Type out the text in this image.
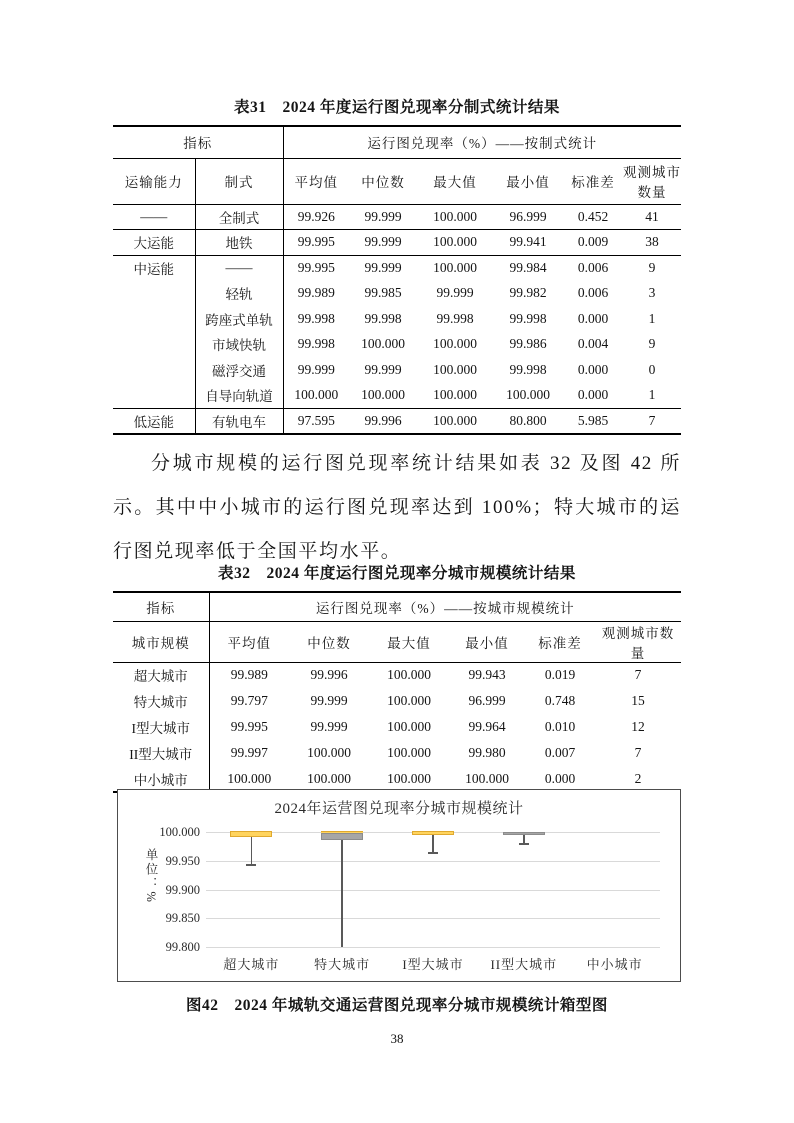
表31　2024 年度运行图兑现率分制式统计结果
指标		运行图兑现率（%）——按制式统计					
运输能力	制式	平均值	中位数	最大值	最小值	标准差	观测城市数量
——	全制式	99.926	99.999	100.000	96.999	0.452	41
大运能	地铁	99.995	99.999	100.000	99.941	0.009	38
中运能	——	99.995	99.999	100.000	99.984	0.006	9
	轻轨	99.989	99.985	99.999	99.982	0.006	3
	跨座式单轨	99.998	99.998	99.998	99.998	0.000	1
	市域快轨	99.998	100.000	100.000	99.986	0.004	9
	磁浮交通	99.999	99.999	100.000	99.998	0.000	0
	自导向轨道	100.000	100.000	100.000	100.000	0.000	1
低运能	有轨电车	97.595	99.996	100.000	80.800	5.985	7
分城市规模的运行图兑现率统计结果如表 32 及图 42 所示。其中中小城市的运行图兑现率达到 100%；特大城市的运行图兑现率低于全国平均水平。
表32　2024 年度运行图兑现率分城市规模统计结果
指标	运行图兑现率（%）——按城市规模统计					
城市规模	平均值	中位数	最大值	最小值	标准差	观测城市数量
超大城市	99.989	99.996	100.000	99.943	0.019	7
特大城市	99.797	99.999	100.000	96.999	0.748	15
I型大城市	99.995	99.999	100.000	99.964	0.010	12
II型大城市	99.997	100.000	100.000	99.980	0.007	7
中小城市	100.000	100.000	100.000	100.000	0.000	2
2024年运营图兑现率分城市规模统计
单位：%
100.000
99.950
99.900
99.850
99.800
超大城市	特大城市	I型大城市	II型大城市	中小城市
图42　2024 年城轨交通运营图兑现率分城市规模统计箱型图
38
